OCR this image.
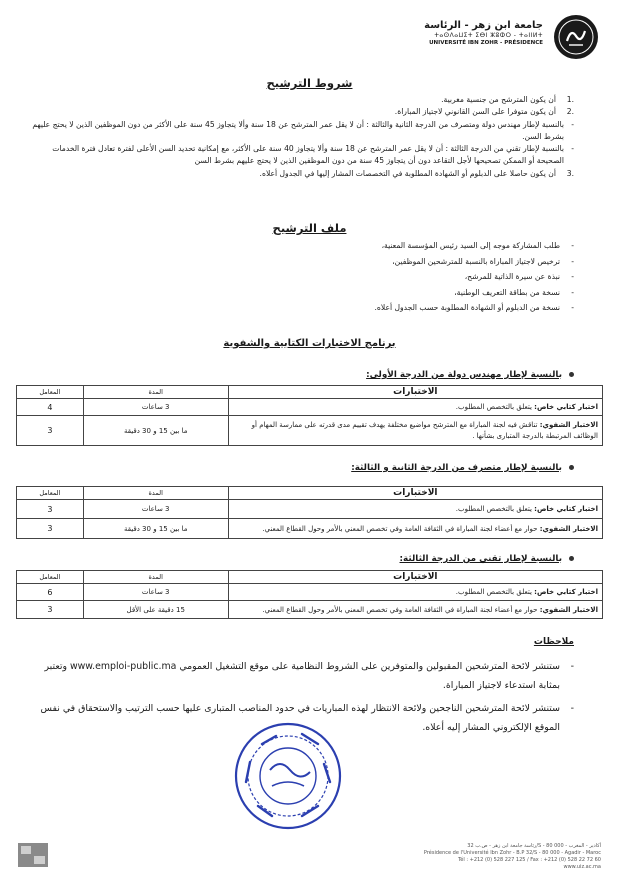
جامعة ابن زهر - الرئاسة
ⵜⴰⵙⴷⴰⵡⵉⵜ ⵉⴱⵏ ⵣⵓⵀⵔ - ⵜⴰⵏⵏⵍⵜ
UNIVERSITÉ IBN ZOHR - PRÉSIDENCE
شروط الترشيح
.1
أن يكون المترشح من جنسية مغربية.
.2
أن يكون متوفرا على السن القانوني لاجتياز المباراة.
-
بالنسبة لإطار مهندس دولة ومتصرف من الدرجة الثانية والثالثة : أن لا يقل عمر المترشح عن 18 سنة وألا يتجاوز 45 سنة على الأكثر من دون الموظفين الذين لا يحتج عليهم بشرط السن.
-
بالنسبة لإطار تقني من الدرجة الثالثة : أن لا يقل عمر المترشح عن 18 سنة وألا يتجاوز 40 سنة على الأكثر، مع إمكانية تحديد السن الأعلى لفترة تعادل فترة الخدمات الصحيحة أو الممكن تصحيحها لأجل التقاعد دون أن يتجاوز 45 سنة من دون الموظفين الذين لا يحتج عليهم بشرط السن
.3
أن يكون حاصلا على الدبلوم أو الشهادة المطلوبة في التخصصات المشار إليها في الجدول أعلاه.
ملف الترشيح
-
طلب المشاركة موجه إلى السيد رئيس المؤسسة المعنية،
-
ترخيص لاجتياز المباراة بالنسبة للمترشحين الموظفين،
-
نبذة عن سيرة الذاتية للمرشح،
-
نسخة من بطاقة التعريف الوطنية،
-
نسخة من الدبلوم أو الشهادة المطلوبة حسب الجدول أعلاه.
برنامج الاختبارات الكتابية والشفوية
بالنسبة لإطار مهندس دولة من الدرجة الأولى:
الاختبارات	المدة	المعامل
اختبار كتابي خاص: يتعلق بالتخصص المطلوب.	3 ساعات	4
الاختبار الشفوي: تناقش فيه لجنة المباراة مع المترشح مواضيع مختلفة يهدف تقييم مدى قدرته على ممارسة المهام أو الوظائف المرتبطة بالدرجة المتبارى بشأنها .	ما بين 15 و 30 دقيقة	3
بالنسبة لإطار متصرف من الدرجة الثانية و الثالثة:
الاختبارات	المدة	المعامل
اختبار كتابي خاص: يتعلق بالتخصص المطلوب.	3 ساعات	3
الاختبار الشفوي: حوار مع أعضاء لجنة المباراة في الثقافة العامة وفي تخصص المعني بالأمر وحول القطاع المعني.	ما بين 15 و 30 دقيقة	3
بالنسبة لإطار تقني من الدرجة الثالثة:
الاختبارات	المدة	المعامل
اختبار كتابي خاص: يتعلق بالتخصص المطلوب.	3 ساعات	6
الاختبار الشفوي: حوار مع أعضاء لجنة المباراة في الثقافة العامة وفي تخصص المعني بالأمر وحول القطاع المعني.	15 دقيقة على الأقل	3
ملاحظات
-
ستنشر لائحة المترشحين المقبولين والمتوفرين على الشروط النظامية على موقع التشغيل العمومي www.emploi-public.ma وتعتبر بمثابة استدعاء لاجتياز المباراة.
-
ستنشر لائحة المترشحين الناجحين ولائحة الانتظار لهذه المباريات في حدود المناصب المتبارى عليها حسب الترتيب والاستحقاق في نفس الموقع الإلكتروني المشار إليه أعلاه.
رئاسة جامعة ابن زهر - ص.ب 32/S - 80 000 - أكادير - المغرب
Présidence de l'Université Ibn Zohr - B.P 32/S - 80 000 - Agadir - Maroc
Tél : +212 (0) 528 227 125 / Fax : +212 (0) 528 22 72 60
www.uiz.ac.ma
